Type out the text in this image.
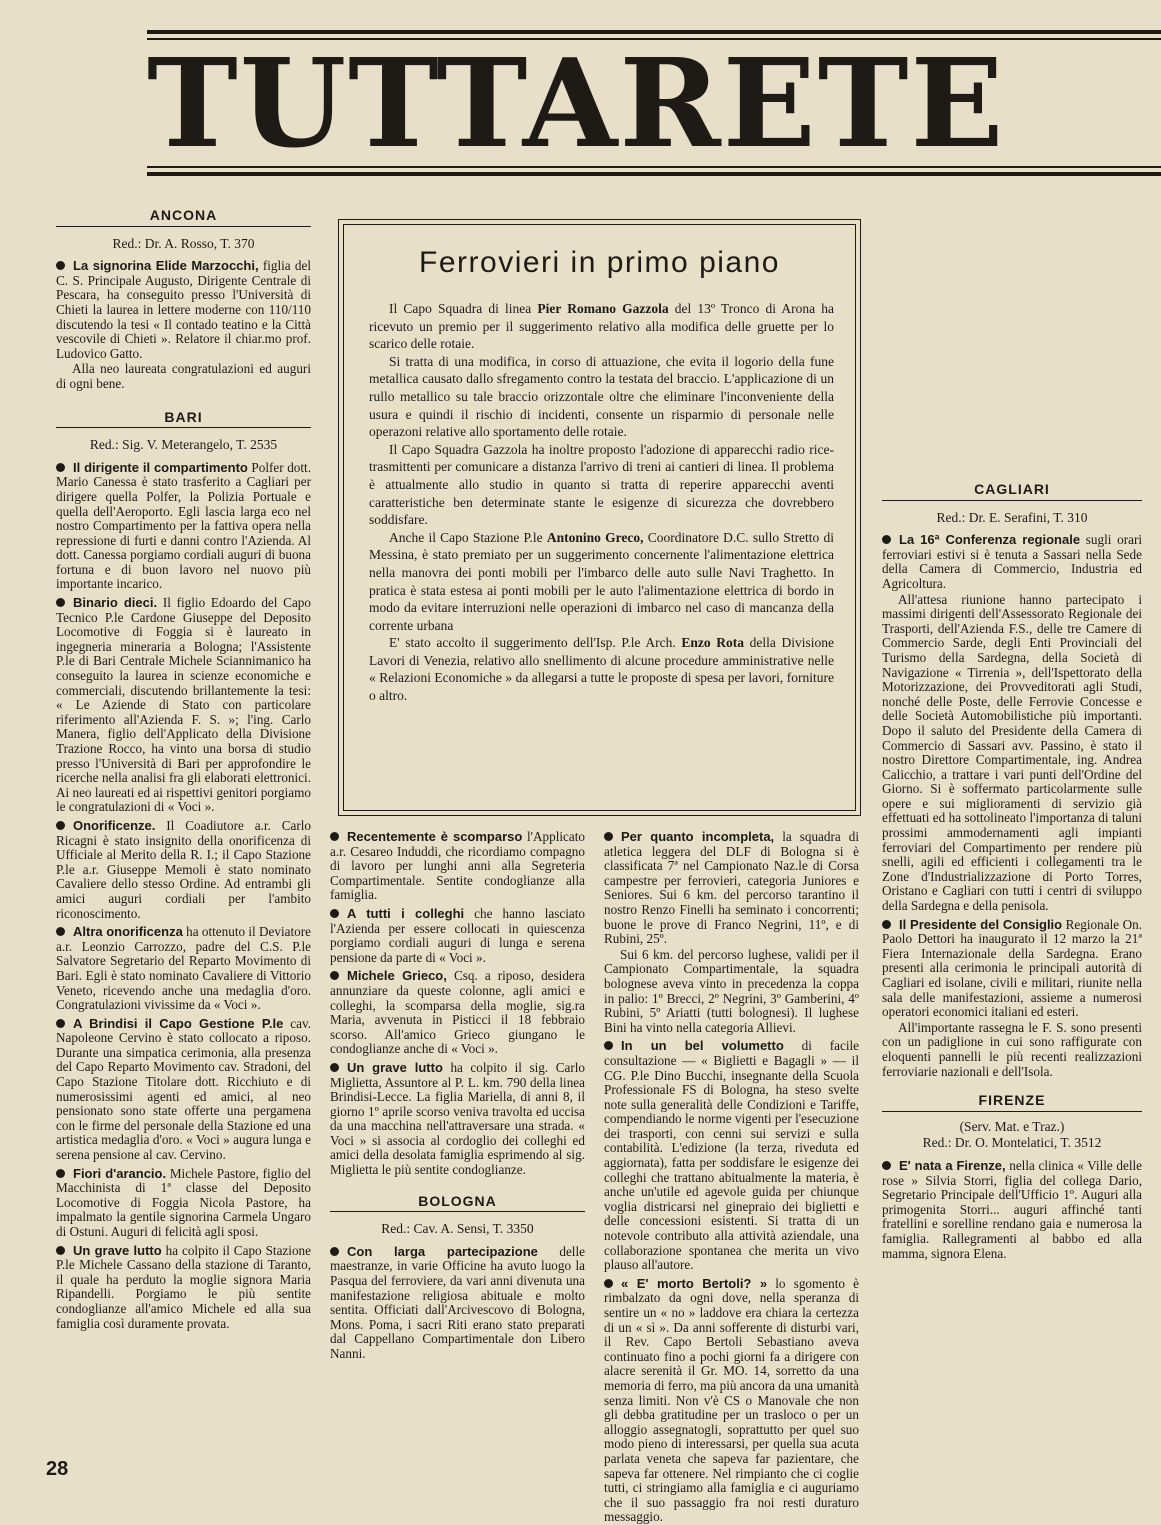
TUTTARETE
ANCONA
Red.: Dr. A. Rosso, T. 370

La signorina Elide Marzocchi, figlia del C. S. Principale Augusto, Dirigente Centrale di Pescara, ha conseguito presso l'Università di Chieti la laurea in lettere moderne con 110/110 discutendo la tesi « Il contado teatino e la Città vescovile di Chieti ». Relatore il chiar.mo prof. Ludovico Gatto.

Alla neo laureata congratulazioni ed auguri di ogni bene.

BARI
Red.: Sig. V. Meterangelo, T. 2535

Il dirigente il compartimento Polfer dott. Mario Canessa è stato trasferito a Cagliari per dirigere quella Polfer, la Polizia Portuale e quella dell'Aeroporto. Egli lascia larga eco nel nostro Compartimento per la fattiva opera nella repressione di furti e danni contro l'Azienda. Al dott. Canessa porgiamo cordiali auguri di buona fortuna e di buon lavoro nel nuovo più importante incarico.

Binario dieci. Il figlio Edoardo del Capo Tecnico P.le Cardone Giuseppe del Deposito Locomotive di Foggia si è laureato in ingegneria mineraria a Bologna; l'Assistente P.le di Bari Centrale Michele Sciannimanico ha conseguito la laurea in scienze economiche e commerciali, discutendo brillantemente la tesi: « Le Aziende di Stato con particolare riferimento all'Azienda F. S. »; l'ing. Carlo Manera, figlio dell'Applicato della Divisione Trazione Rocco, ha vinto una borsa di studio presso l'Università di Bari per approfondire le ricerche nella analisi fra gli elaborati elettronici. Ai neo laureati ed ai rispettivi genitori porgiamo le congratulazioni di « Voci ».

Onorificenze. Il Coadiutore a.r. Carlo Ricagni è stato insignito della onorificenza di Ufficiale al Merito della R. I.; il Capo Stazione P.le a.r. Giuseppe Memoli è stato nominato Cavaliere dello stesso Ordine. Ad entrambi gli amici auguri cordiali per l'ambito riconoscimento.

Altra onorificenza ha ottenuto il Deviatore a.r. Leonzio Carrozzo, padre del C.S. P.le Salvatore Segretario del Reparto Movimento di Bari. Egli è stato nominato Cavaliere di Vittorio Veneto, ricevendo anche una medaglia d'oro. Congratulazioni vivissime da « Voci ».

A Brindisi il Capo Gestione P.le cav. Napoleone Cervino è stato collocato a riposo. Durante una simpatica cerimonia, alla presenza del Capo Reparto Movimento cav. Stradoni, del Capo Stazione Titolare dott. Ricchiuto e di numerosissimi agenti ed amici, al neo pensionato sono state offerte una pergamena con le firme del personale della Stazione ed una artistica medaglia d'oro. « Voci » augura lunga e serena pensione al cav. Cervino.

Fiori d'arancio. Michele Pastore, figlio del Macchinista di 1ª classe del Deposito Locomotive di Foggia Nicola Pastore, ha impalmato la gentile signorina Carmela Ungaro di Ostuni. Auguri di felicità agli sposi.

Un grave lutto ha colpito il Capo Stazione P.le Michele Cassano della stazione di Taranto, il quale ha perduto la moglie signora Maria Ripandelli. Porgiamo le più sentite condoglianze all'amico Michele ed alla sua famiglia così duramente provata.

Ferrovieri in primo piano

Il Capo Squadra di linea Pier Romano Gazzola del 13º Tronco di Arona ha ricevuto un premio per il suggerimento relativo alla modifica delle gruette per lo scarico delle rotaie.

Si tratta di una modifica, in corso di attuazione, che evita il logorio della fune metallica causato dallo sfregamento contro la testata del braccio. L'applicazione di un rullo metallico su tale braccio orizzontale oltre che eliminare l'inconveniente della usura e quindi il rischio di incidenti, consente un risparmio di personale nelle operazoni relative allo sportamento delle rotaie.

Il Capo Squadra Gazzola ha inoltre proposto l'adozione di apparecchi radio rice-trasmittenti per comunicare a distanza l'arrivo di treni ai cantieri di linea. Il problema è attualmente allo studio in quanto si tratta di reperire apparecchi aventi caratteristiche ben determinate stante le esigenze di sicurezza che dovrebbero soddisfare.

Anche il Capo Stazione P.le Antonino Greco, Coordinatore D.C. sullo Stretto di Messina, è stato premiato per un suggerimento concernente l'alimentazione elettrica nella manovra dei ponti mobili per l'imbarco delle auto sulle Navi Traghetto. In pratica è stata estesa ai ponti mobili per le auto l'alimentazione elettrica di bordo in modo da evitare interruzioni nelle operazioni di imbarco nel caso di mancanza della corrente urbana

E' stato accolto il suggerimento dell'Isp. P.le Arch. Enzo Rota della Divisione Lavori di Venezia, relativo allo snellimento di alcune procedure amministrative nelle « Relazioni Economiche » da allegarsi a tutte le proposte di spesa per lavori, forniture o altro.

Recentemente è scomparso l'Applicato a.r. Cesareo Induddi, che ricordiamo compagno di lavoro per lunghi anni alla Segreteria Compartimentale. Sentite condoglianze alla famiglia.

A tutti i colleghi che hanno lasciato l'Azienda per essere collocati in quiescenza porgiamo cordiali auguri di lunga e serena pensione da parte di « Voci ».

Michele Grieco, Csq. a riposo, desidera annunziare da queste colonne, agli amici e colleghi, la scomparsa della moglie, sig.ra Maria, avvenuta in Pisticci il 18 febbraio scorso. All'amico Grieco giungano le condoglianze anche di « Voci ».

Un grave lutto ha colpito il sig. Carlo Miglietta, Assuntore al P. L. km. 790 della linea Brindisi-Lecce. La figlia Mariella, di anni 8, il giorno 1º aprile scorso veniva travolta ed uccisa da una macchina nell'attraversare una strada. « Voci » si associa al cordoglio dei colleghi ed amici della desolata famiglia esprimendo al sig. Miglietta le più sentite condoglianze.

BOLOGNA
Red.: Cav. A. Sensi, T. 3350

Con larga partecipazione delle maestranze, in varie Officine ha avuto luogo la Pasqua del ferroviere, da vari anni divenuta una manifestazione religiosa abituale e molto sentita. Officiati dall'Arcivescovo di Bologna, Mons. Poma, i sacri Riti erano stato preparati dal Cappellano Compartimentale don Libero Nanni.

Per quanto incompleta, la squadra di atletica leggera del DLF di Bologna si è classificata 7ª nel Campionato Naz.le di Corsa campestre per ferrovieri, categoria Juniores e Seniores. Sui 6 km. del percorso tarantino il nostro Renzo Finelli ha seminato i concorrenti; buone le prove di Franco Negrini, 11º, e di Rubini, 25º.

Sui 6 km. del percorso lughese, validi per il Campionato Compartimentale, la squadra bolognese aveva vinto in precedenza la coppa in palio: 1º Brecci, 2º Negrini, 3º Gamberini, 4º Rubini, 5º Ariatti (tutti bolognesi). Il lughese Bini ha vinto nella categoria Allievi.

In un bel volumetto di facile consultazione — « Biglietti e Bagagli » — il CG. P.le Dino Bucchi, insegnante della Scuola Professionale FS di Bologna, ha steso svelte note sulla generalità delle Condizioni e Tariffe, compendiando le norme vigenti per l'esecuzione dei trasporti, con cenni sui servizi e sulla contabilità. L'edizione (la terza, riveduta ed aggiornata), fatta per soddisfare le esigenze dei colleghi che trattano abitualmente la materia, è anche un'utile ed agevole guida per chiunque voglia districarsi nel ginepraio dei biglietti e delle concessioni esistenti. Si tratta di un notevole contributo alla attività aziendale, una collaborazione spontanea che merita un vivo plauso all'autore.

« E' morto Bertoli? » lo sgomento è rimbalzato da ogni dove, nella speranza di sentire un « no » laddove era chiara la certezza di un « sì ». Da anni sofferente di disturbi vari, il Rev. Capo Bertoli Sebastiano aveva continuato fino a pochi giorni fa a dirigere con alacre serenità il Gr. MO. 14, sorretto da una memoria di ferro, ma più ancora da una umanità senza limiti. Non v'è CS o Manovale che non gli debba gratitudine per un trasloco o per un alloggio assegnatogli, soprattutto per quel suo modo pieno di interessarsi, per quella sua acuta parlata veneta che sapeva far pazientare, che sapeva far ottenere. Nel rimpianto che ci coglie tutti, ci stringiamo alla famiglia e ci auguriamo che il suo passaggio fra noi resti duraturo messaggio.

CAGLIARI
Red.: Dr. E. Serafini, T. 310

La 16ª Conferenza regionale sugli orari ferroviari estivi si è tenuta a Sassari nella Sede della Camera di Commercio, Industria ed Agricoltura.

All'attesa riunione hanno partecipato i massimi dirigenti dell'Assessorato Regionale dei Trasporti, dell'Azienda F.S., delle tre Camere di Commercio Sarde, degli Enti Provinciali del Turismo della Sardegna, della Società di Navigazione « Tirrenia », dell'Ispettorato della Motorizzazione, dei Provveditorati agli Studi, nonché delle Poste, delle Ferrovie Concesse e delle Società Automobilistiche più importanti. Dopo il saluto del Presidente della Camera di Commercio di Sassari avv. Passino, è stato il nostro Direttore Compartimentale, ing. Andrea Calicchio, a trattare i vari punti dell'Ordine del Giorno. Si è soffermato particolarmente sulle opere e sui miglioramenti di servizio già effettuati ed ha sottolineato l'importanza di taluni prossimi ammodernamenti agli impianti ferroviari del Compartimento per rendere più snelli, agili ed efficienti i collegamenti tra le Zone d'Industrializzazione di Porto Torres, Oristano e Cagliari con tutti i centri di sviluppo della Sardegna e della penisola.

Il Presidente del Consiglio Regionale On. Paolo Dettori ha inaugurato il 12 marzo la 21ª Fiera Internazionale della Sardegna. Erano presenti alla cerimonia le principali autorità di Cagliari ed isolane, civili e militari, riunite nella sala delle manifestazioni, assieme a numerosi operatori economici italiani ed esteri.

All'importante rassegna le F. S. sono presenti con un padiglione in cui sono raffigurate con eloquenti pannelli le più recenti realizzazioni ferroviarie nazionali e dell'Isola.

FIRENZE
(Serv. Mat. e Traz.)
Red.: Dr. O. Montelatici, T. 3512

E' nata a Firenze, nella clinica « Ville delle rose » Silvia Storri, figlia del collega Dario, Segretario Principale dell'Ufficio 1º. Auguri alla primogenita Storri... auguri affinché tanti fratellini e sorelline rendano gaia e numerosa la famiglia. Rallegramenti al babbo ed alla mamma, signora Elena.

28
